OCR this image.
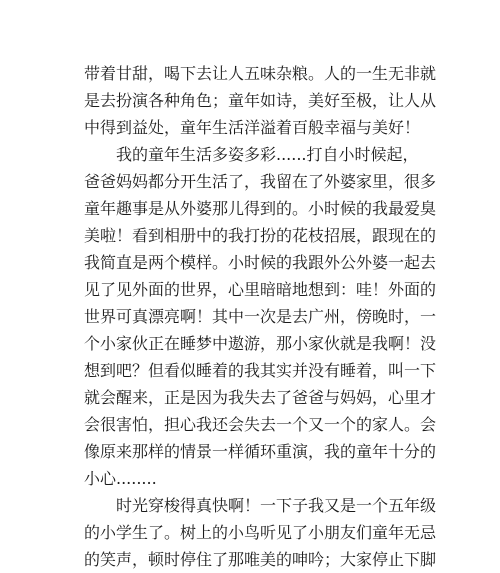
带着甘甜，喝下去让人五味杂粮。人的一生无非就
是去扮演各种角色；童年如诗，美好至极，让人从
中得到益处，童年生活洋溢着百般幸福与美好！
　　我的童年生活多姿多彩......打自小时候起，
爸爸妈妈都分开生活了，我留在了外婆家里，很多
童年趣事是从外婆那儿得到的。小时候的我最爱臭
美啦！看到相册中的我打扮的花枝招展，跟现在的
我简直是两个模样。小时候的我跟外公外婆一起去
见了见外面的世界，心里暗暗地想到：哇！外面的
世界可真漂亮啊！其中一次是去广州，傍晚时，一
个小家伙正在睡梦中遨游，那小家伙就是我啊！没
想到吧？但看似睡着的我其实并没有睡着，叫一下
就会醒来，正是因为我失去了爸爸与妈妈，心里才
会很害怕，担心我还会失去一个又一个的家人。会
像原来那样的情景一样循环重演，我的童年十分的
小心........
　　时光穿梭得真快啊！一下子我又是一个五年级
的小学生了。树上的小鸟听见了小朋友们童年无忌
的笑声，顿时停住了那唯美的呻吟；大家停止下脚
